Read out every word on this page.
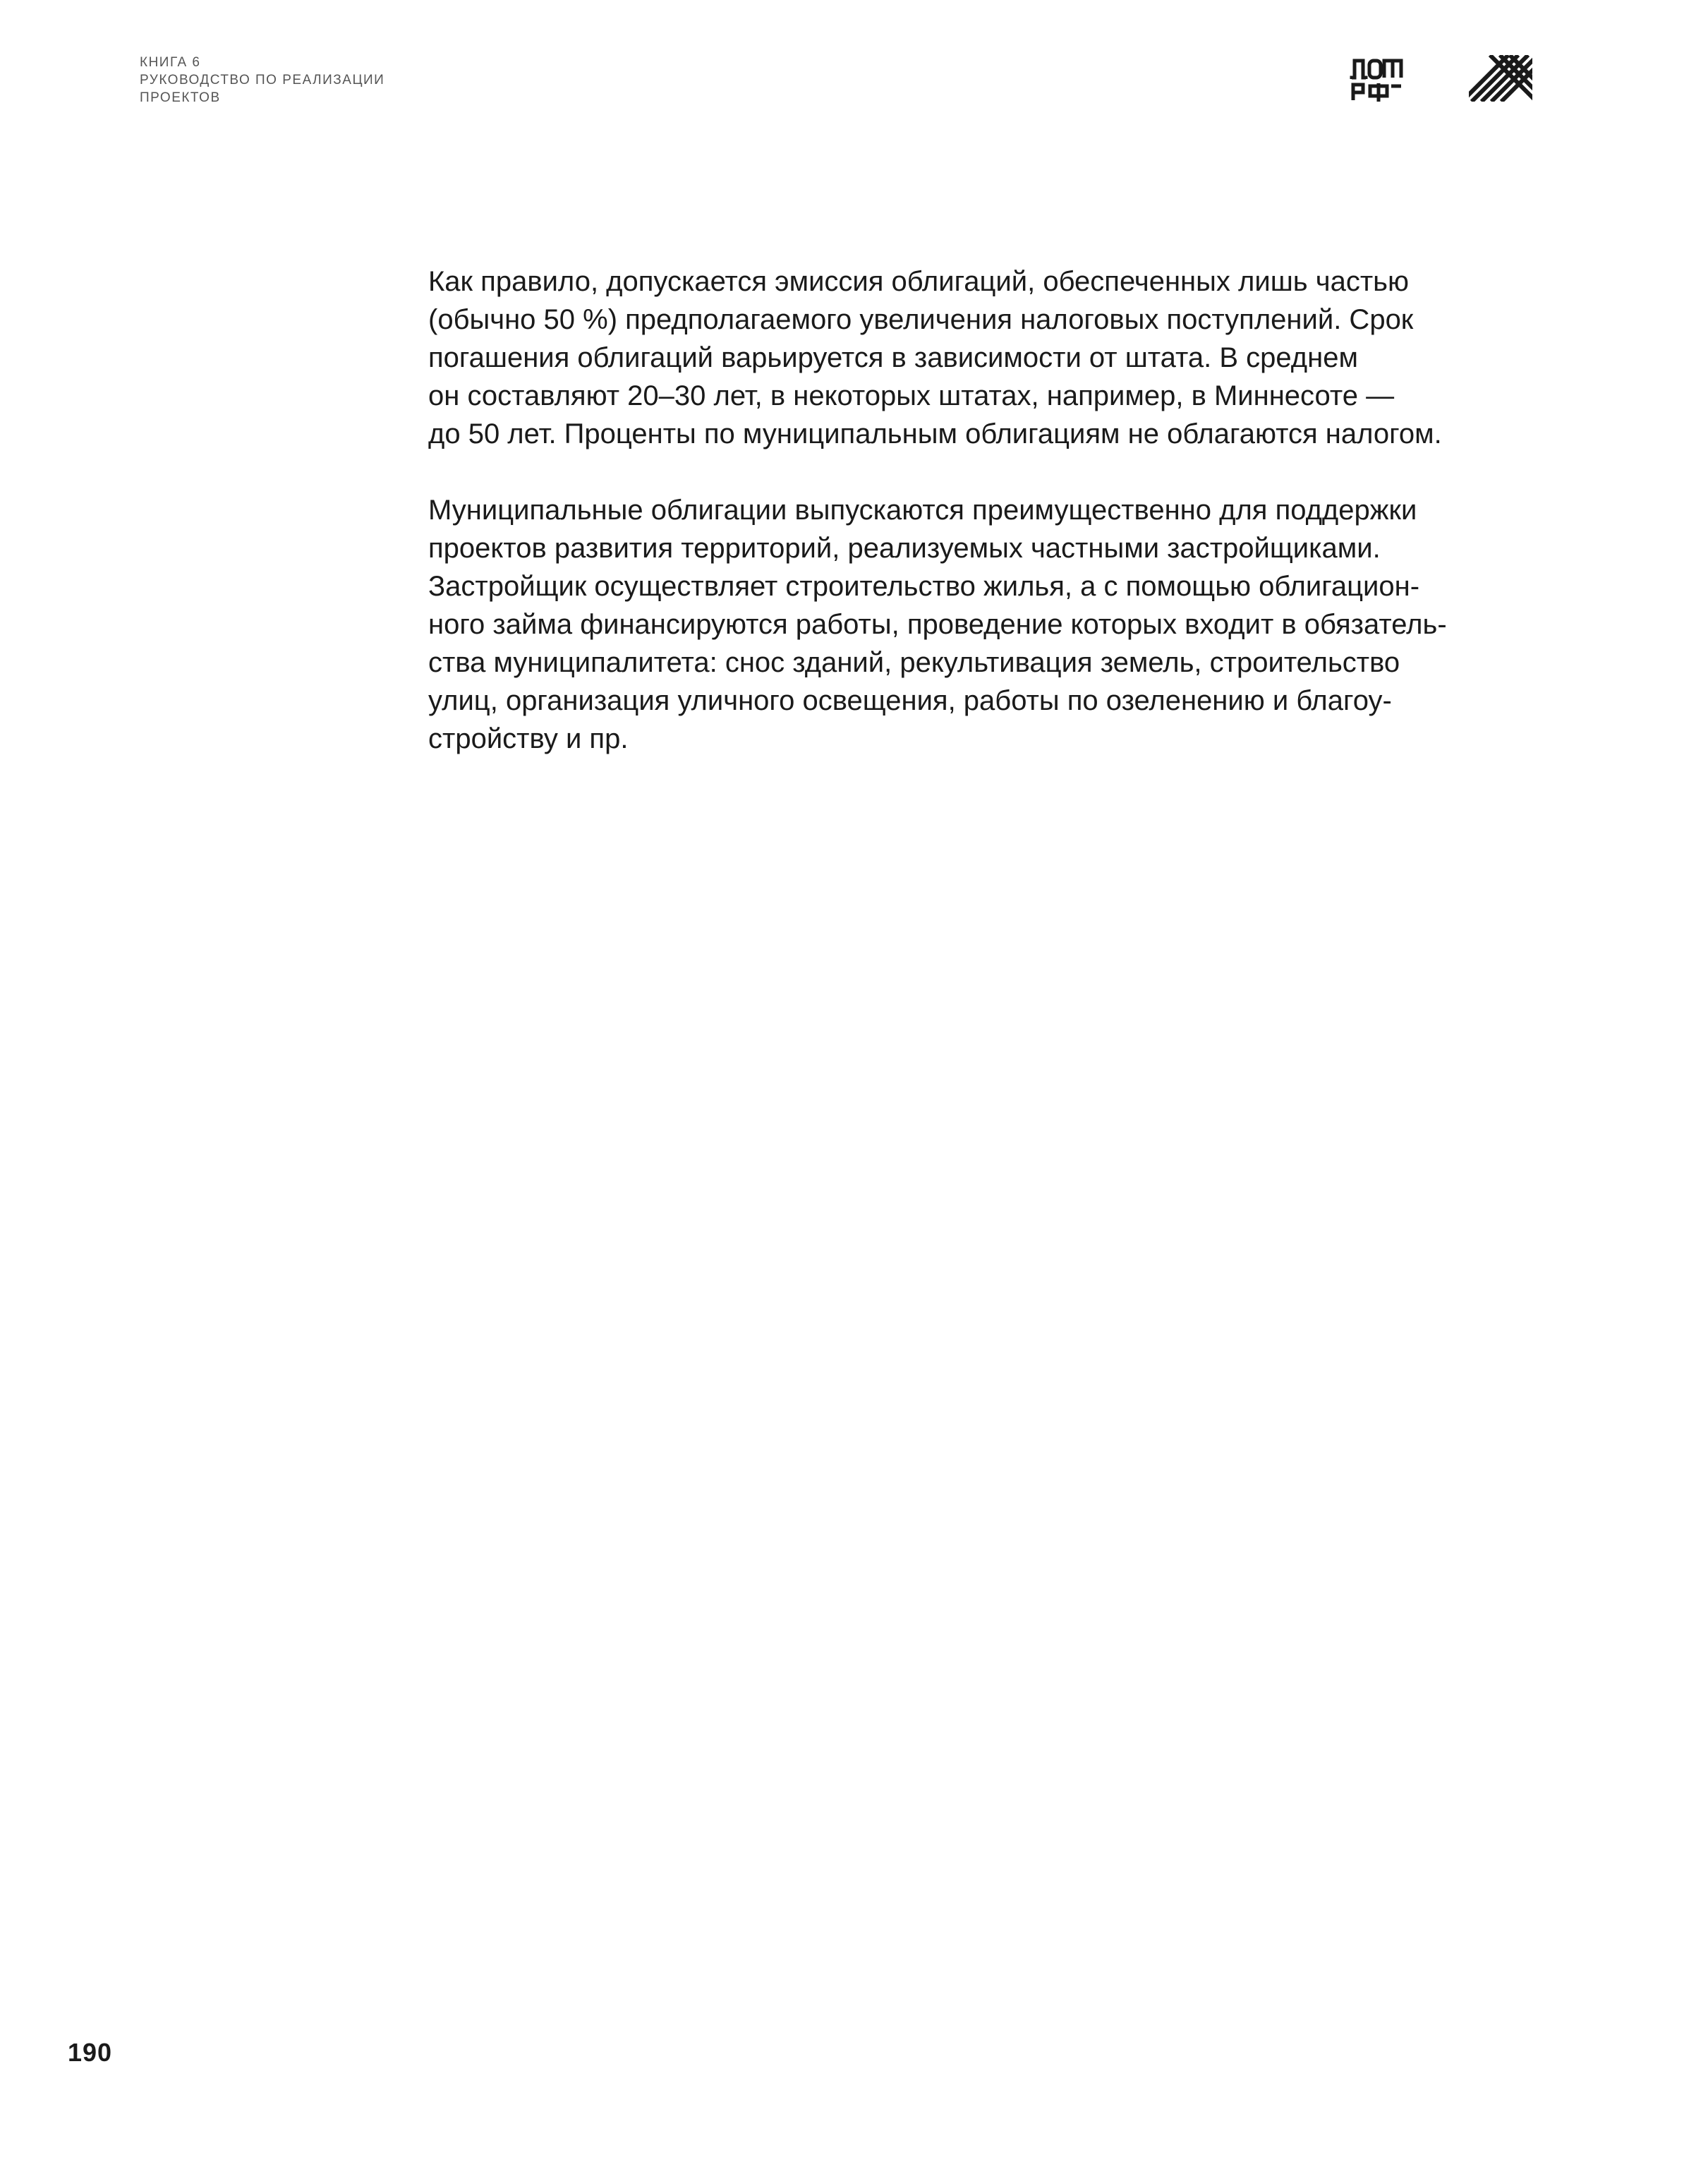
КНИГА 6
РУКОВОДСТВО ПО РЕАЛИЗАЦИИ
ПРОЕКТОВ

Как правило, допускается эмиссия облигаций, обеспеченных лишь частью
(обычно 50 %) предполагаемого увеличения налоговых поступлений. Срок
погашения облигаций варьируется в зависимости от штата. В среднем
он составляют 20–30 лет, в некоторых штатах, например, в Миннесоте —
до 50 лет. Проценты по муниципальным облигациям не облагаются налогом.

Муниципальные облигации выпускаются преимущественно для поддержки
проектов развития территорий, реализуемых частными застройщиками.
Застройщик осуществляет строительство жилья, а с помощью облигацион-
ного займа финансируются работы, проведение которых входит в обязатель-
ства муниципалитета: снос зданий, рекультивация земель, строительство
улиц, организация уличного освещения, работы по озеленению и благоу-
стройству и пр.

190
